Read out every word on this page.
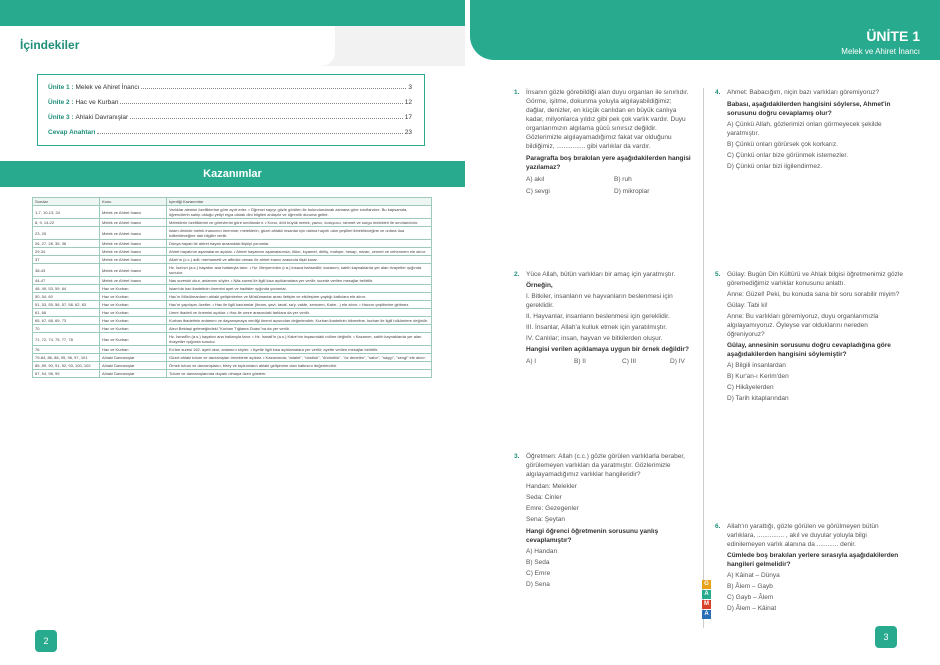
İçindekiler
Ünite 1 :
Melek ve Ahiret İnancı	3
Ünite 2 :
Hac ve Kurban	12
Ünite 3 :
Ahlaki Davranışlar	17
Cevap Anahtarı	23
Kazanımlar
Sorular	Konu	İçerdiği Kazanımlar
1-7, 10-13, 24	Melek ve Ahiret İnancı	Varlıklar alemini özelliklerine göre ayırt eder. • Öğrenci sayıyı gözle görülen ile bulundurularak zamana göre sınıflandırır. Bu kapsamda, öğrencilerin sahip olduğu yetiyi eşya olarak dini bilgileri anlaşılır ve öğrenilir duruma getirir.
8, 9, 14-22	Melek ve Ahiret İnancı	Meleklerin özelliklerini ve görevlerini göre sınıflandırır. • Konu, dört büyük melek, yazıcı, koruyucu, rahmet ve sorgu melekleri ile sınırlandırılır.
23, 25	Melek ve Ahiret İnancı	İslam dininde melek inancının önemine; meleklerin, güzel ahlaklı insanlar için daima hayırlı olan yeşilleri iletebileceğine ve onlara dua edilebileceğine dair bilgiler verilir.
26, 27, 28, 35, 36	Melek ve Ahiret İnancı	Dünya hayatı ile ahiret hayatı arasındaki ilişkiyi yorumlar.
29-34	Melek ve Ahiret İnancı	Ahiret hayatının aşamalarını açıklar. • Ahiret hayatının aşamalarında, ölüm, kıyamet, diriliş, mahşer, hesap, mizan, cennet ve cehennem ele alınır.
37	Melek ve Ahiret İnancı	Allah'ın (c.c.) adil, merhametli ve affedici olması ile ahiret inancı arasında ilişki kurar.
38-43	Melek ve Ahiret İnancı	Hz. İsa'nın (a.s.) hayatını ana hatlarıyla tanır. • Hz. Meryem'den (r.a.) kısaca bahsedilir; kazanım, sahih kaynaklarda yer alan rivayetler ışığında sunulur.
44-47	Melek ve Ahiret İnancı	Nas suresini okur, anlamını söyler. • Nâs suresi ile ilgili kısa açıklamalara yer verilir; surede verilen mesajlar belirtilir.
48, 49, 53, 59, 64	Hac ve Kurban	İslam'da hac ibadetinin önemini ayet ve hadisler ışığında yorumlar.
50, 54, 60	Hac ve Kurban	Hac'ın Müslümanların ahlaki gelişimlerine ve Müslümanlar arası iletişim ve etkileşime yaptığı katkılara ele alınır.
51, 53, 55, 56, 57, 58, 62, 63	Hac ve Kurban	Hac'ın yapılışını özetler. • Hac ile ilgili kavramlar (ihram, şavt, tavaf, sa'y, vakfe, zemzem, Kabe...) ele alınır. • Haccın çeşitlerine girilmez.
61, 66	Hac ve Kurban	Umre ibadeti ve önemini açıklar. • Hac ile umre arasındaki farklara da yer verilir.
65, 67, 68, 69, 73	Hac ve Kurban	Kurban ibadetinin anlamını ve dayanışmaya verdiği önemi açısından değerlendirir. Kurban ibadetinin hikmetine, kurban ile ilgili hükümlere değinilir.
70	Hac ve Kurban	Alevi Bektaşi geleneğindeki "Kurban Tığlama Duası"na da yer verilir.
71, 72, 74, 75, 77, 78	Hac ve Kurban	Hz. İsmail'in (a.s.) hayatını ana hatlarıyla tanır. • Hz. İsmail'in (a.s.) Kabe'nin inşasındaki rolüne değinilir. • Kazanım, sahih kaynaklarda yer alan rivayetler ışığında sunulur.
76	Hac ve Kurban	En'âm suresi 162. ayeti okur, anlamını söyler. • Ayetle ilgili kısa açıklamalara yer verilir; ayette verilen mesajlar belirtilir.
79-84, 86, 88, 95, 96, 97, 101	Ahlaki Davranışlar	Güzel ahlaki tutum ve davranışları örneklerle açıklar. • Kazanımda; "adalet", "dostluk", "dürüstlük", "öz denetim", "sabır", "saygı", "sevgi" ele alınır.
85, 89, 90, 91, 92, 93, 100, 102	Ahlaki Davranışlar	Örnek tutum ve davranışların, birey ve toplumların ahlaki gelişimine olan katkısını değerlendirir.
87, 94, 98, 99	Ahlaki Davranışlar	Tutum ve davranışlarında duyarlı olmaya özen gösterir.
2
ÜNİTE 1
Melek ve Ahiret İnancı
1. İnsanın gözle görebildiği alan duyu organları ile sınırlıdır. Görme, işitme, dokunma yoluyla algılayabildiğimiz; dağlar, denizler, en küçük canlıdan en büyük canlıya kadar, milyonlarca yıldız gibi pek çok varlık vardır. Duyu organlarımızın algılama gücü sınırsız değildir. Gözlerimizle algılayamadığımız fakat var olduğunu bildiğimiz, ................ gibi varlıklar da vardır.

Paragrafta boş bırakılan yere aşağıdakilerden hangisi yazılamaz?

A) akıl	B) ruh
C) sevgi	D) mikroplar
2. Yüce Allah, bütün varlıkları bir amaç için yaratmıştır.

Örneğin,

I. Bitkiler, insanların ve hayvanların beslenmesi için gereklidir.

II. Hayvanlar, insanların beslenmesi için gereklidir.

III. İnsanlar, Allah'a kulluk etmek için yaratılmıştır.

IV. Canlılar; insan, hayvan ve bitkilerden oluşur.

Hangisi verilen açıklamaya uygun bir örnek değildir?

A) I	B) II	C) III	D) IV
3. Öğretmen: Allah (c.c.) gözle görülen varlıklarla beraber, görülemeyen varlıkları da yaratmıştır. Gözlerimizle algılayamadığımız varlıklar hangileridir?

Handan: Melekler

Seda: Cinler

Emre: Gezegenler

Sena: Şeytan

Hangi öğrenci öğretmenin sorusunu yanlış cevaplamıştır?

A) Handan
B) Seda
C) Emre
D) Sena
4. Ahmet: Babacığım, niçin bazı varlıkları göremiyoruz?

Babası, aşağıdakilerden hangisini söylerse, Ahmet'in sorusunu doğru cevaplamış olur?

A) Çünkü Allah, gözlerimizi onları görmeyecek şekilde yaratmıştır.
B) Çünkü onları görürsek çok korkarız.
C) Çünkü onlar bize görünmek istemezler.
D) Çünkü onlar bizi ilgilendirmez.
5. Gülay: Bugün Din Kültürü ve Ahlak bilgisi öğretmenimiz gözle göremediğimiz varlıklar konusunu anlattı.

Anne: Güzel! Peki, bu konuda sana bir soru sorabilir miyim?

Gülay: Tabi ki!

Anne: Bu varlıkları göremiyoruz, duyu organlarımızla algılayamıyoruz. Öyleyse var olduklarını nereden öğreniyoruz?

Gülay, annesinin sorusunu doğru cevapladığına göre aşağıdakilerden hangisini söylemiştir?

A) Bilgili insanlardan
B) Kur'an-ı Kerim'den
C) Hikâyelerden
D) Tarih kitaplarından
6. Allah'ın yarattığı, gözle görülen ve görülmeyen bütün varlıklara, ............... , akıl ve duyular yoluyla bilgi edinilemeyen varlık alanına da ............ denir.

Cümlede boş bırakılan yerlere sırasıyla aşağıdakilerden hangileri gelmelidir?

A) Kâinat – Dünya
B) Âlem – Gayb
C) Gayb – Âlem
D) Âlem – Kâinat
G
A
M
A
3
